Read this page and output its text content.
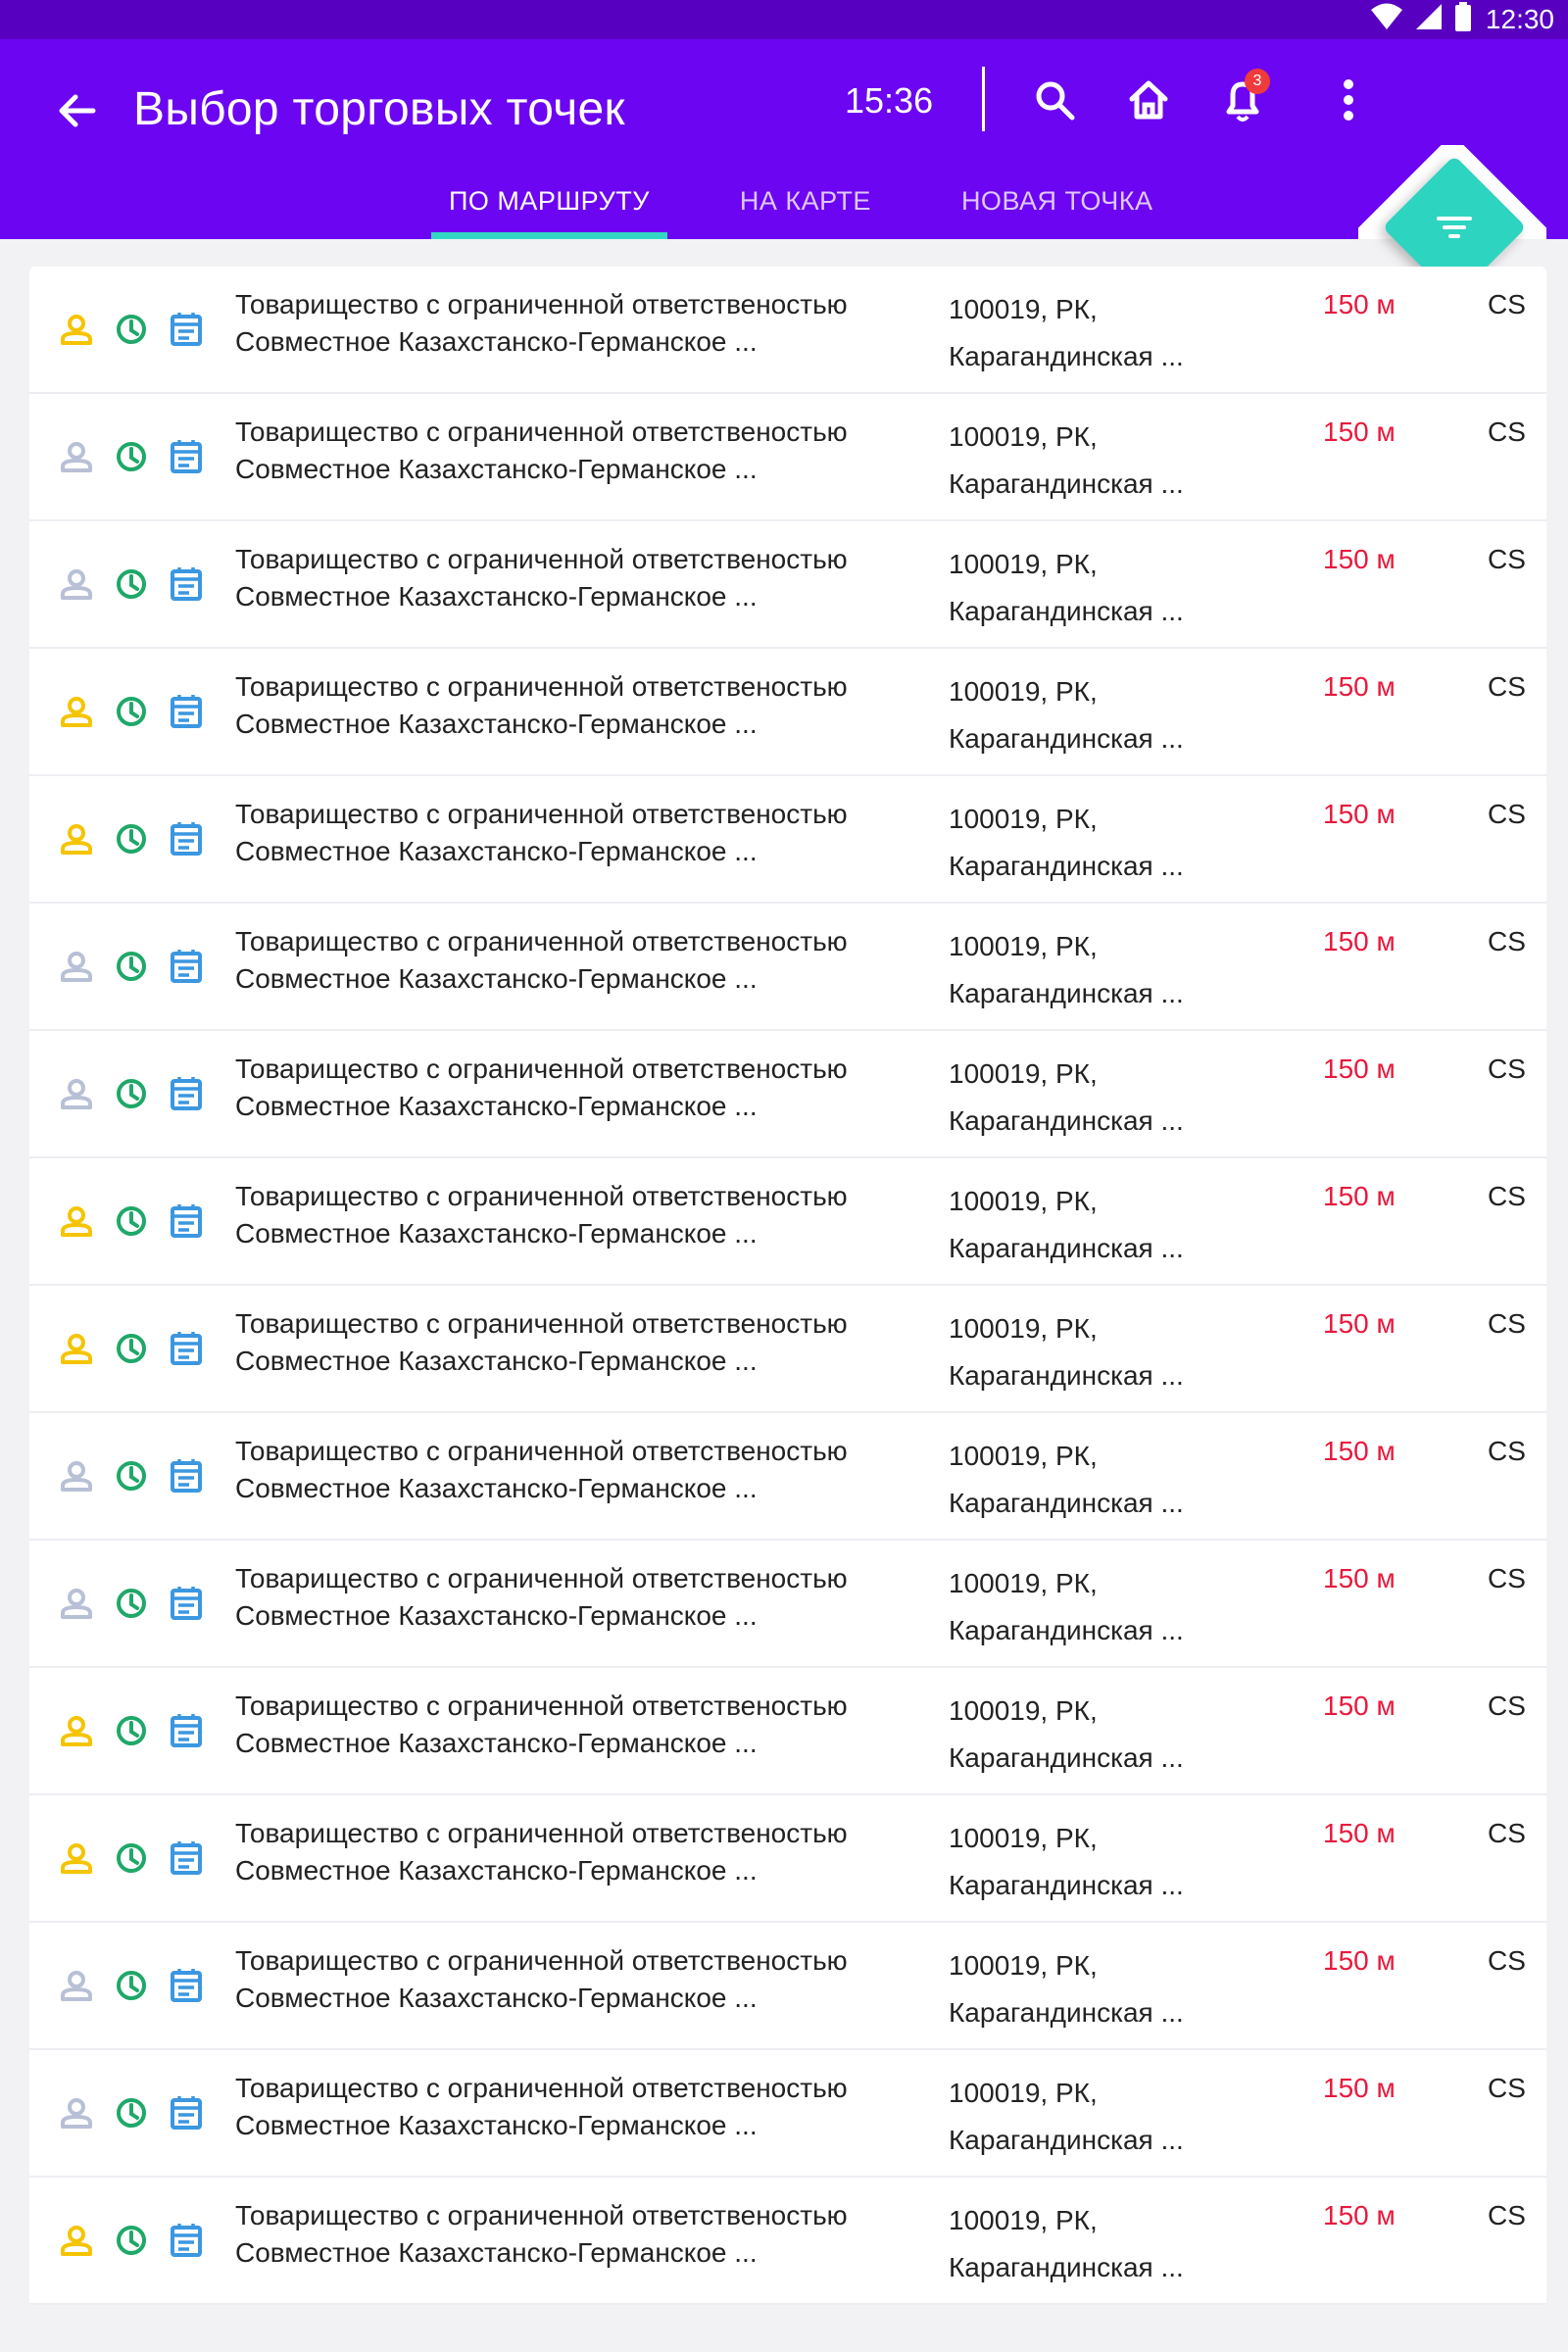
12:30
Выбор торговых точек	15:36	3
ПО МАРШРУТУ	НА КАРТЕ	НОВАЯ ТОЧКА
Товарищество с ограниченной ответственостью
Совместное Казахстанско-Германское ...
100019, РК,
Карагандинская ...
150 м	CS
Товарищество с ограниченной ответственостью
Совместное Казахстанско-Германское ...
100019, РК,
Карагандинская ...
150 м	CS
Товарищество с ограниченной ответственостью
Совместное Казахстанско-Германское ...
100019, РК,
Карагандинская ...
150 м	CS
Товарищество с ограниченной ответственостью
Совместное Казахстанско-Германское ...
100019, РК,
Карагандинская ...
150 м	CS
Товарищество с ограниченной ответственостью
Совместное Казахстанско-Германское ...
100019, РК,
Карагандинская ...
150 м	CS
Товарищество с ограниченной ответственостью
Совместное Казахстанско-Германское ...
100019, РК,
Карагандинская ...
150 м	CS
Товарищество с ограниченной ответственостью
Совместное Казахстанско-Германское ...
100019, РК,
Карагандинская ...
150 м	CS
Товарищество с ограниченной ответственостью
Совместное Казахстанско-Германское ...
100019, РК,
Карагандинская ...
150 м	CS
Товарищество с ограниченной ответственостью
Совместное Казахстанско-Германское ...
100019, РК,
Карагандинская ...
150 м	CS
Товарищество с ограниченной ответственостью
Совместное Казахстанско-Германское ...
100019, РК,
Карагандинская ...
150 м	CS
Товарищество с ограниченной ответственостью
Совместное Казахстанско-Германское ...
100019, РК,
Карагандинская ...
150 м	CS
Товарищество с ограниченной ответственостью
Совместное Казахстанско-Германское ...
100019, РК,
Карагандинская ...
150 м	CS
Товарищество с ограниченной ответственостью
Совместное Казахстанско-Германское ...
100019, РК,
Карагандинская ...
150 м	CS
Товарищество с ограниченной ответственостью
Совместное Казахстанско-Германское ...
100019, РК,
Карагандинская ...
150 м	CS
Товарищество с ограниченной ответственостью
Совместное Казахстанско-Германское ...
100019, РК,
Карагандинская ...
150 м	CS
Товарищество с ограниченной ответственостью
Совместное Казахстанско-Германское ...
100019, РК,
Карагандинская ...
150 м	CS
